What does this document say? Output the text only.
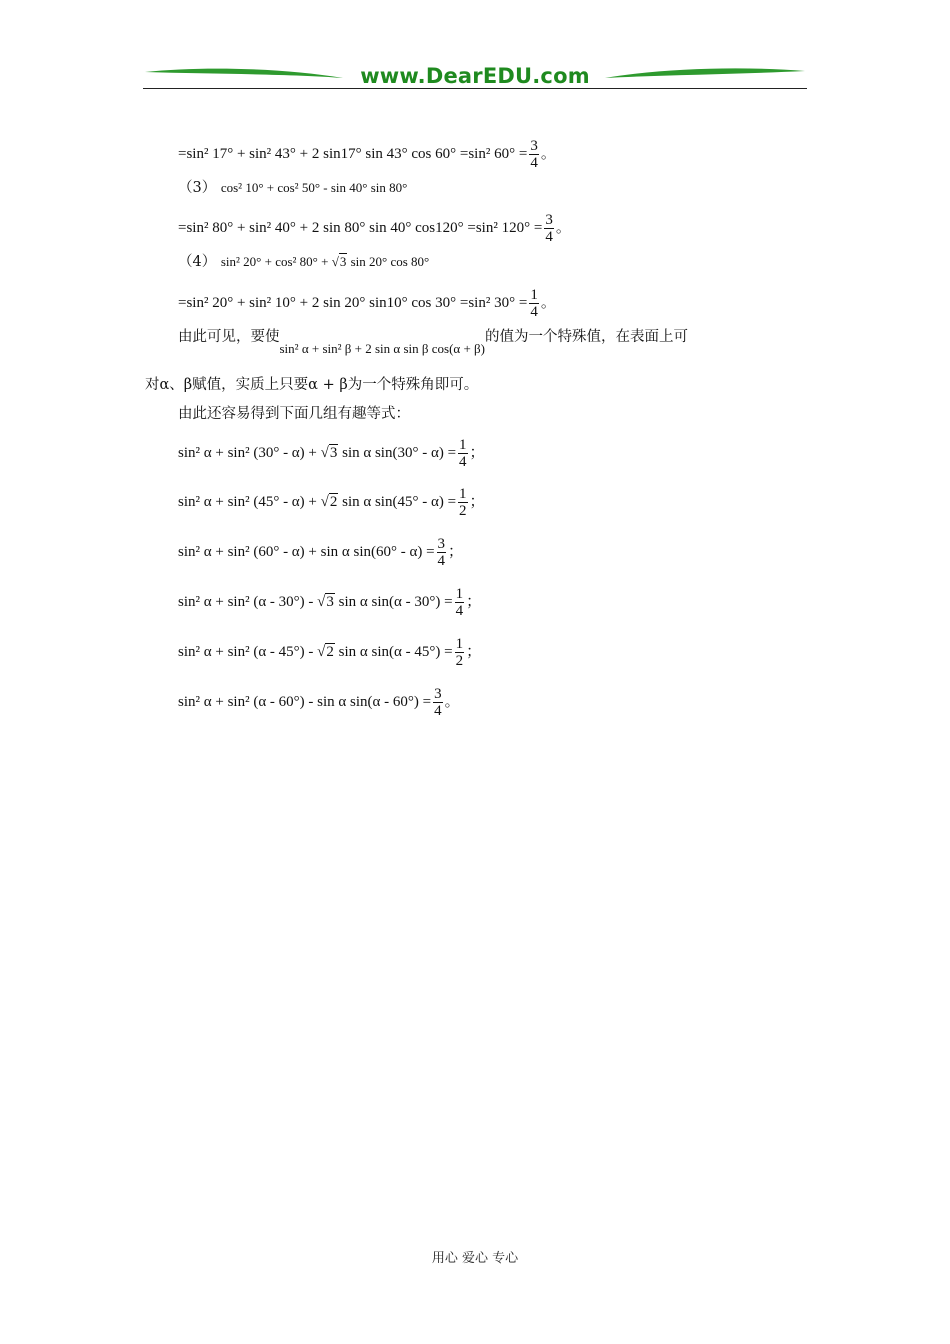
www.DearEDU.com
=sin² 17° + sin² 43° + 2 sin17° sin 43° cos 60° =sin² $60^\circ = \frac{3}{4}$ 。
（3） cos² 10° + cos² 50° - sin 40° sin 80°
=sin² 80° + sin² 40° + 2 sin 80° sin 40° cos120° =sin² $120^\circ = \frac{3}{4}$ 。
（4） sin² 20° + cos² 80° + √3 sin 20° cos 80°
=sin² 20° + sin² 10° + 2 sin 20° sin10° cos 30° =sin² $30^\circ = \frac{1}{4}$ 。
由此可见，要使sin² α + sin² β + 2 sin α sin β cos(α + β)的值为一个特殊值，在表面上可
对α、β赋值，实质上只要α + β为一个特殊角即可。
由此还容易得到下面几组有趣等式：
sin² α + sin² (30° - α) + √3 sin α $\sin(30^\circ - \alpha) = \frac{1}{4}$ ；
sin² α + sin² (45° - α) + √2 sin α $\sin(45^\circ - \alpha) = \frac{1}{2}$ ；
sin² α + sin² (60° - α) + sin α $\sin(60^\circ - \alpha) = \frac{3}{4}$ ；
sin² α + sin² (α - 30°) - √3 sin α $\sin(\alpha - 30^\circ) = \frac{1}{4}$ ；
sin² α + sin² (α - 45°) - √2 sin α $\sin(\alpha - 45^\circ) = \frac{1}{2}$ ；
sin² α + sin² (α - 60°) - sin α $\sin(\alpha - 60^\circ) = \frac{3}{4}$ 。
用心 爱心 专心
